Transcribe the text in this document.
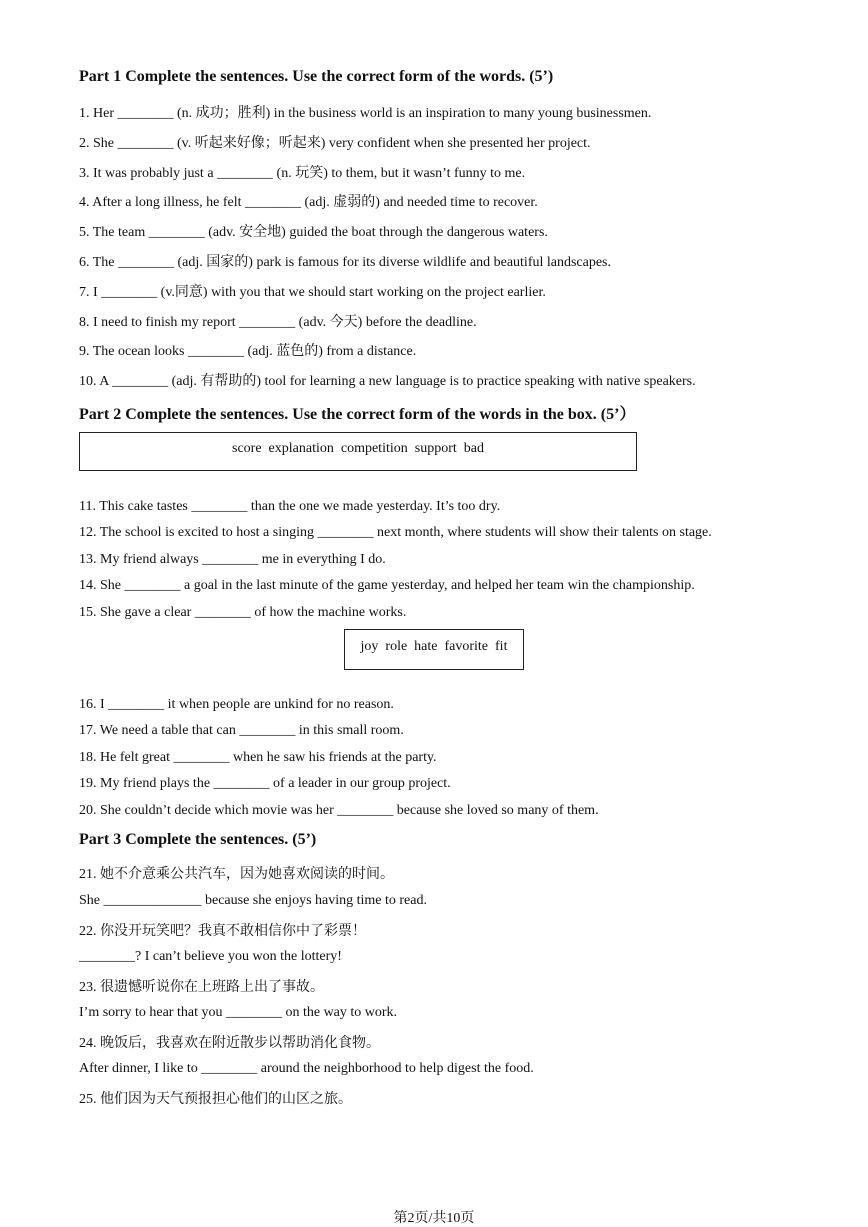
Part 1 Complete the sentences. Use the correct form of the words. (5’)
1. Her ________ (n. 成功；胜利) in the business world is an inspiration to many young businessmen.
2. She ________ (v. 听起来好像；听起来) very confident when she presented her project.
3. It was probably just a ________ (n. 玩笑) to them, but it wasn’t funny to me.
4. After a long illness, he felt ________ (adj. 虚弱的) and needed time to recover.
5. The team ________ (adv. 安全地) guided the boat through the dangerous waters.
6. The ________ (adj. 国家的) park is famous for its diverse wildlife and beautiful landscapes.
7. I ________ (v.同意) with you that we should start working on the project earlier.
8. I need to finish my report ________ (adv. 今天) before the deadline.
9. The ocean looks ________ (adj. 蓝色的) from a distance.
10. A ________ (adj. 有帮助的) tool for learning a new language is to practice speaking with native speakers.
Part 2 Complete the sentences. Use the correct form of the words in the box. (5’）
score  explanation  competition  support  bad
11. This cake tastes ________ than the one we made yesterday. It’s too dry.
12. The school is excited to host a singing ________ next month, where students will show their talents on stage.
13. My friend always ________ me in everything I do.
14. She ________ a goal in the last minute of the game yesterday, and helped her team win the championship.
15. She gave a clear ________ of how the machine works.
joy  role  hate  favorite  fit
16. I ________ it when people are unkind for no reason.
17. We need a table that can ________ in this small room.
18. He felt great ________ when he saw his friends at the party.
19. My friend plays the ________ of a leader in our group project.
20. She couldn’t decide which movie was her ________ because she loved so many of them.
Part 3 Complete the sentences. (5’)
21. 她不介意乘公共汽车，因为她喜欢阅读的时间。
She ______________ because she enjoys having time to read.
22. 你没开玩笑吧？我真不敢相信你中了彩票！
________? I can’t believe you won the lottery!
23. 很遗憾听说你在上班路上出了事故。
I’m sorry to hear that you ________ on the way to work.
24. 晚饭后，我喜欢在附近散步以帮助消化食物。
After dinner, I like to ________ around the neighborhood to help digest the food.
25. 他们因为天气预报担心他们的山区之旅。
第2页/共10页
